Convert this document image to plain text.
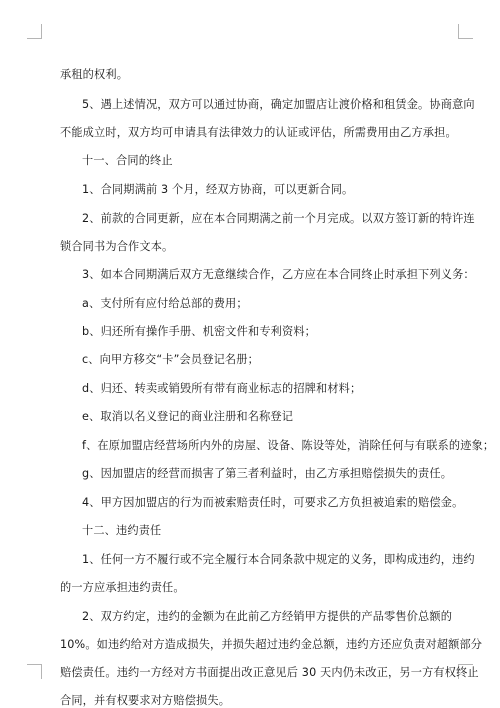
承租的权利。
5、遇上述情况，双方可以通过协商，确定加盟店让渡价格和租赁金。协商意向
不能成立时，双方均可申请具有法律效力的认证或评估，所需费用由乙方承担。
十一、合同的终止
1、合同期满前 3 个月，经双方协商，可以更新合同。
2、前款的合同更新，应在本合同期满之前一个月完成。以双方签订新的特许连
锁合同书为合作文本。
3、如本合同期满后双方无意继续合作，乙方应在本合同终止时承担下列义务：
a、支付所有应付给总部的费用；
b、归还所有操作手册、机密文件和专利资料；
c、向甲方移交“卡”会员登记名册；
d、归还、转卖或销毁所有带有商业标志的招牌和材料；
e、取消以名义登记的商业注册和名称登记
f、在原加盟店经营场所内外的房屋、设备、陈设等处，消除任何与有联系的迹象；
g、因加盟店的经营而损害了第三者利益时，由乙方承担赔偿损失的责任。
4、甲方因加盟店的行为而被索赔责任时，可要求乙方负担被追索的赔偿金。
十二、违约责任
1、任何一方不履行或不完全履行本合同条款中规定的义务，即构成违约，违约
的一方应承担违约责任。
2、双方约定，违约的金额为在此前乙方经销甲方提供的产品零售价总额的
10%。如违约给对方造成损失，并损失超过违约金总额，违约方还应负责对超额部分
赔偿责任。违约一方经对方书面提出改正意见后 30 天内仍未改正，另一方有权终止
合同，并有权要求对方赔偿损失。
